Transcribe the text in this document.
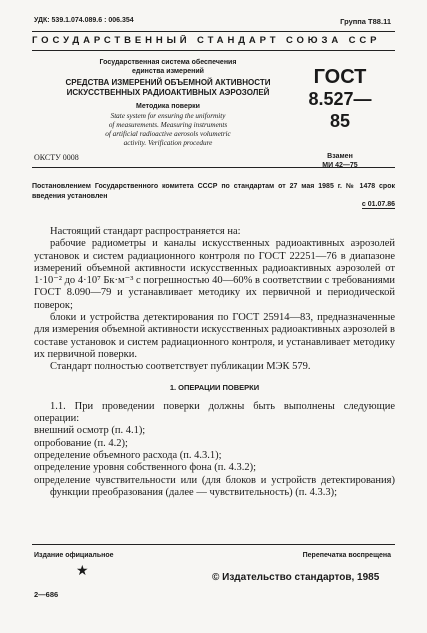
УДК: 539.1.074.089.6 : 006.354	Группа Т88.11
ГОСУДАРСТВЕННЫЙ СТАНДАРТ СОЮЗА ССР
Государственная система обеспечения
единства измерений
СРЕДСТВА ИЗМЕРЕНИЙ ОБЪЕМНОЙ АКТИВНОСТИ
ИСКУССТВЕННЫХ РАДИОАКТИВНЫХ АЭРОЗОЛЕЙ
Методика поверки
State system for ensuring the uniformity
of measurements. Measuring instruments
of artificial radioactive aerosols volumetric
activity. Verification procedure
ГОСТ
8.527—85
Взамен
МИ 42—75
ОКСТУ 0008
Постановлением Государственного комитета СССР по стандартам от 27 мая 1985 г. № 1478 срок введения установлен
с 01.07.86

Настоящий стандарт распространяется на:

рабочие радиометры и каналы искусственных радиоактивных аэрозолей установок и систем радиационного контроля по ГОСТ 22251—76 в диапазоне измерений объемной активности искусственных радиоактивных аэрозолей от 1·10⁻² до 4·10⁷ Бк·м⁻³ с погрешностью 40—60% в соответствии с требованиями ГОСТ 8.090—79 и устанавливает методику их первичной и периодической поверок;

блоки и устройства детектирования по ГОСТ 25914—83, предназначенные для измерения объемной активности искусственных радиоактивных аэрозолей в составе установок и систем радиационного контроля, и устанавливает методику их первичной поверки.

Стандарт полностью соответствует публикации МЭК 579.

1. ОПЕРАЦИИ ПОВЕРКИ

1.1. При проведении поверки должны быть выполнены следующие операции:

внешний осмотр (п. 4.1);

опробование (п. 4.2);

определение объемного расхода (п. 4.3.1);

определение уровня собственного фона (п. 4.3.2);

определение чувствительности или (для блоков и устройств детектирования) функции преобразования (далее — чувствительность) (п. 4.3.3);

Издание официальное	Перепечатка воспрещена
★	© Издательство стандартов, 1985
2—686
